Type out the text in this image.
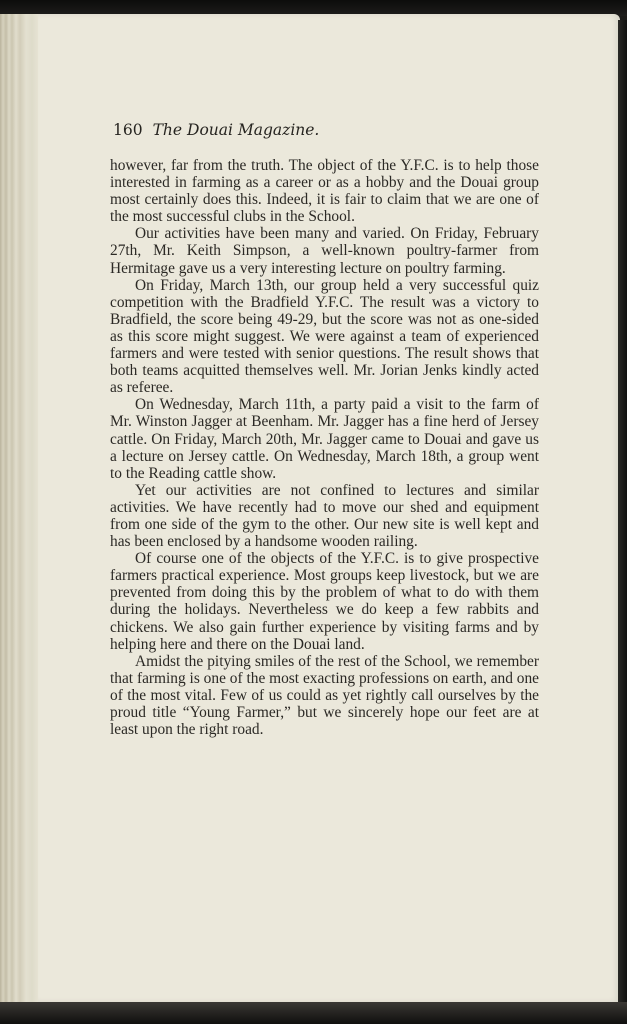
160 The Douai Magazine.

however, far from the truth. The object of the Y.F.C. is to help those interested in farming as a career or as a hobby and the Douai group most certainly does this. Indeed, it is fair to claim that we are one of the most successful clubs in the School.

Our activities have been many and varied. On Friday, February 27th, Mr. Keith Simpson, a well-known poultry-farmer from Hermitage gave us a very interesting lecture on poultry farming.

On Friday, March 13th, our group held a very successful quiz competition with the Bradfield Y.F.C. The result was a victory to Bradfield, the score being 49-29, but the score was not as one-sided as this score might suggest. We were against a team of experienced farmers and were tested with senior questions. The result shows that both teams acquitted themselves well. Mr. Jorian Jenks kindly acted as referee.

On Wednesday, March 11th, a party paid a visit to the farm of Mr. Winston Jagger at Beenham. Mr. Jagger has a fine herd of Jersey cattle. On Friday, March 20th, Mr. Jagger came to Douai and gave us a lecture on Jersey cattle. On Wednesday, March 18th, a group went to the Reading cattle show.

Yet our activities are not confined to lectures and similar activities. We have recently had to move our shed and equipment from one side of the gym to the other. Our new site is well kept and has been enclosed by a handsome wooden railing.

Of course one of the objects of the Y.F.C. is to give prospective farmers practical experience. Most groups keep livestock, but we are prevented from doing this by the problem of what to do with them during the holidays. Nevertheless we do keep a few rabbits and chickens. We also gain further experience by visiting farms and by helping here and there on the Douai land.

Amidst the pitying smiles of the rest of the School, we remember that farming is one of the most exacting professions on earth, and one of the most vital. Few of us could as yet rightly call ourselves by the proud title “Young Farmer,” but we sincerely hope our feet are at least upon the right road.
